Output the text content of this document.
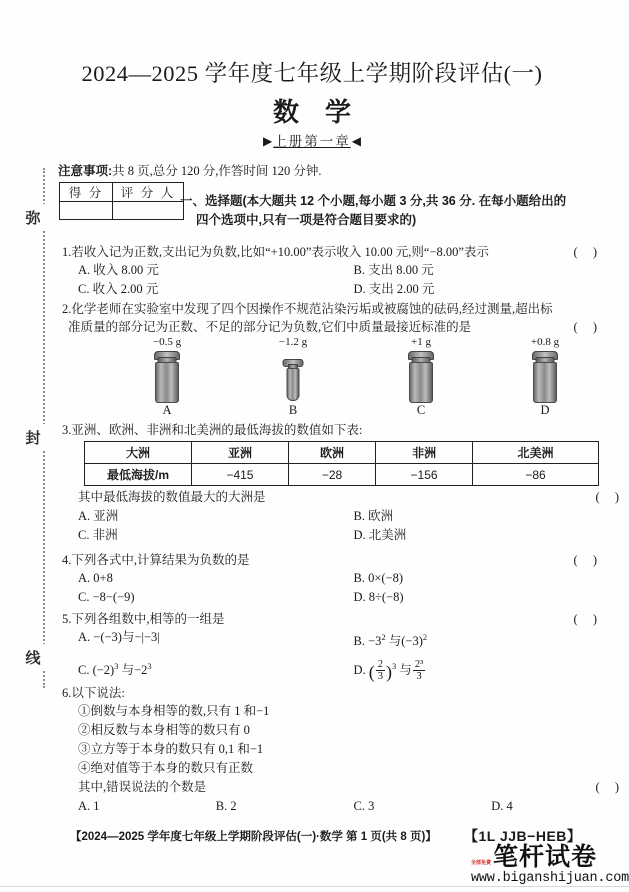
弥
封
线
2024—2025 学年度七年级上学期阶段评估(一)
数学
▶上册第一章◀
注意事项:共 8 页,总分 120 分,作答时间 120 分钟.
得 分	评 分 人

一、选择题(本大题共 12 个小题,每小题 3 分,共 36 分. 在每小题给出的
四个选项中,只有一项是符合题目要求的)
1.若收入记为正数,支出记为负数,比如“+10.00”表示收入 10.00 元,则“−8.00”表示	( )
A. 收入 8.00 元	B. 支出 8.00 元
C. 收入 2.00 元	D. 支出 2.00 元
2.化学老师在实验室中发现了四个因操作不规范沾染污垢或被腐蚀的砝码,经过测量,超出标
准质量的部分记为正数、不足的部分记为负数,它们中质量最接近标准的是	( )
−0.5 g
A
−1.2 g
B
+1 g
C
+0.8 g
D
3.亚洲、欧洲、非洲和北美洲的最低海拔的数值如下表:
大洲	亚洲	欧洲	非洲	北美洲
最低海拔/m	−415	−28	−156	−86
其中最低海拔的数值最大的大洲是	( )
A. 亚洲	B. 欧洲
C. 非洲	D. 北美洲
4.下列各式中,计算结果为负数的是	( )
A. 0+8	B. 0×(−8)
C. −8−(−9)	D. 8÷(−8)
5.下列各组数中,相等的一组是	( )
A. −(−3)与−|−3|	B. $-3^2$ 与$(-3)^2$
C. $(-2)^3$ 与$-2^3$	D. ( $\frac{2}{3} )^3$ 与 $\frac{\text{2³}}{3}$
6.以下说法:
①倒数与本身相等的数,只有 1 和−1
②相反数与本身相等的数只有 0
③立方等于本身的数只有 0,1 和−1
④绝对值等于本身的数只有正数
其中,错误说法的个数是	( )
A. 1	B. 2	C. 3	D. 4
【2024—2025 学年度七年级上学期阶段评估(一)·数学 第 1 页(共 8 页)】 【1L JJB−HEB】
全部免费 笔杆试卷
www.biganshijuan.com
